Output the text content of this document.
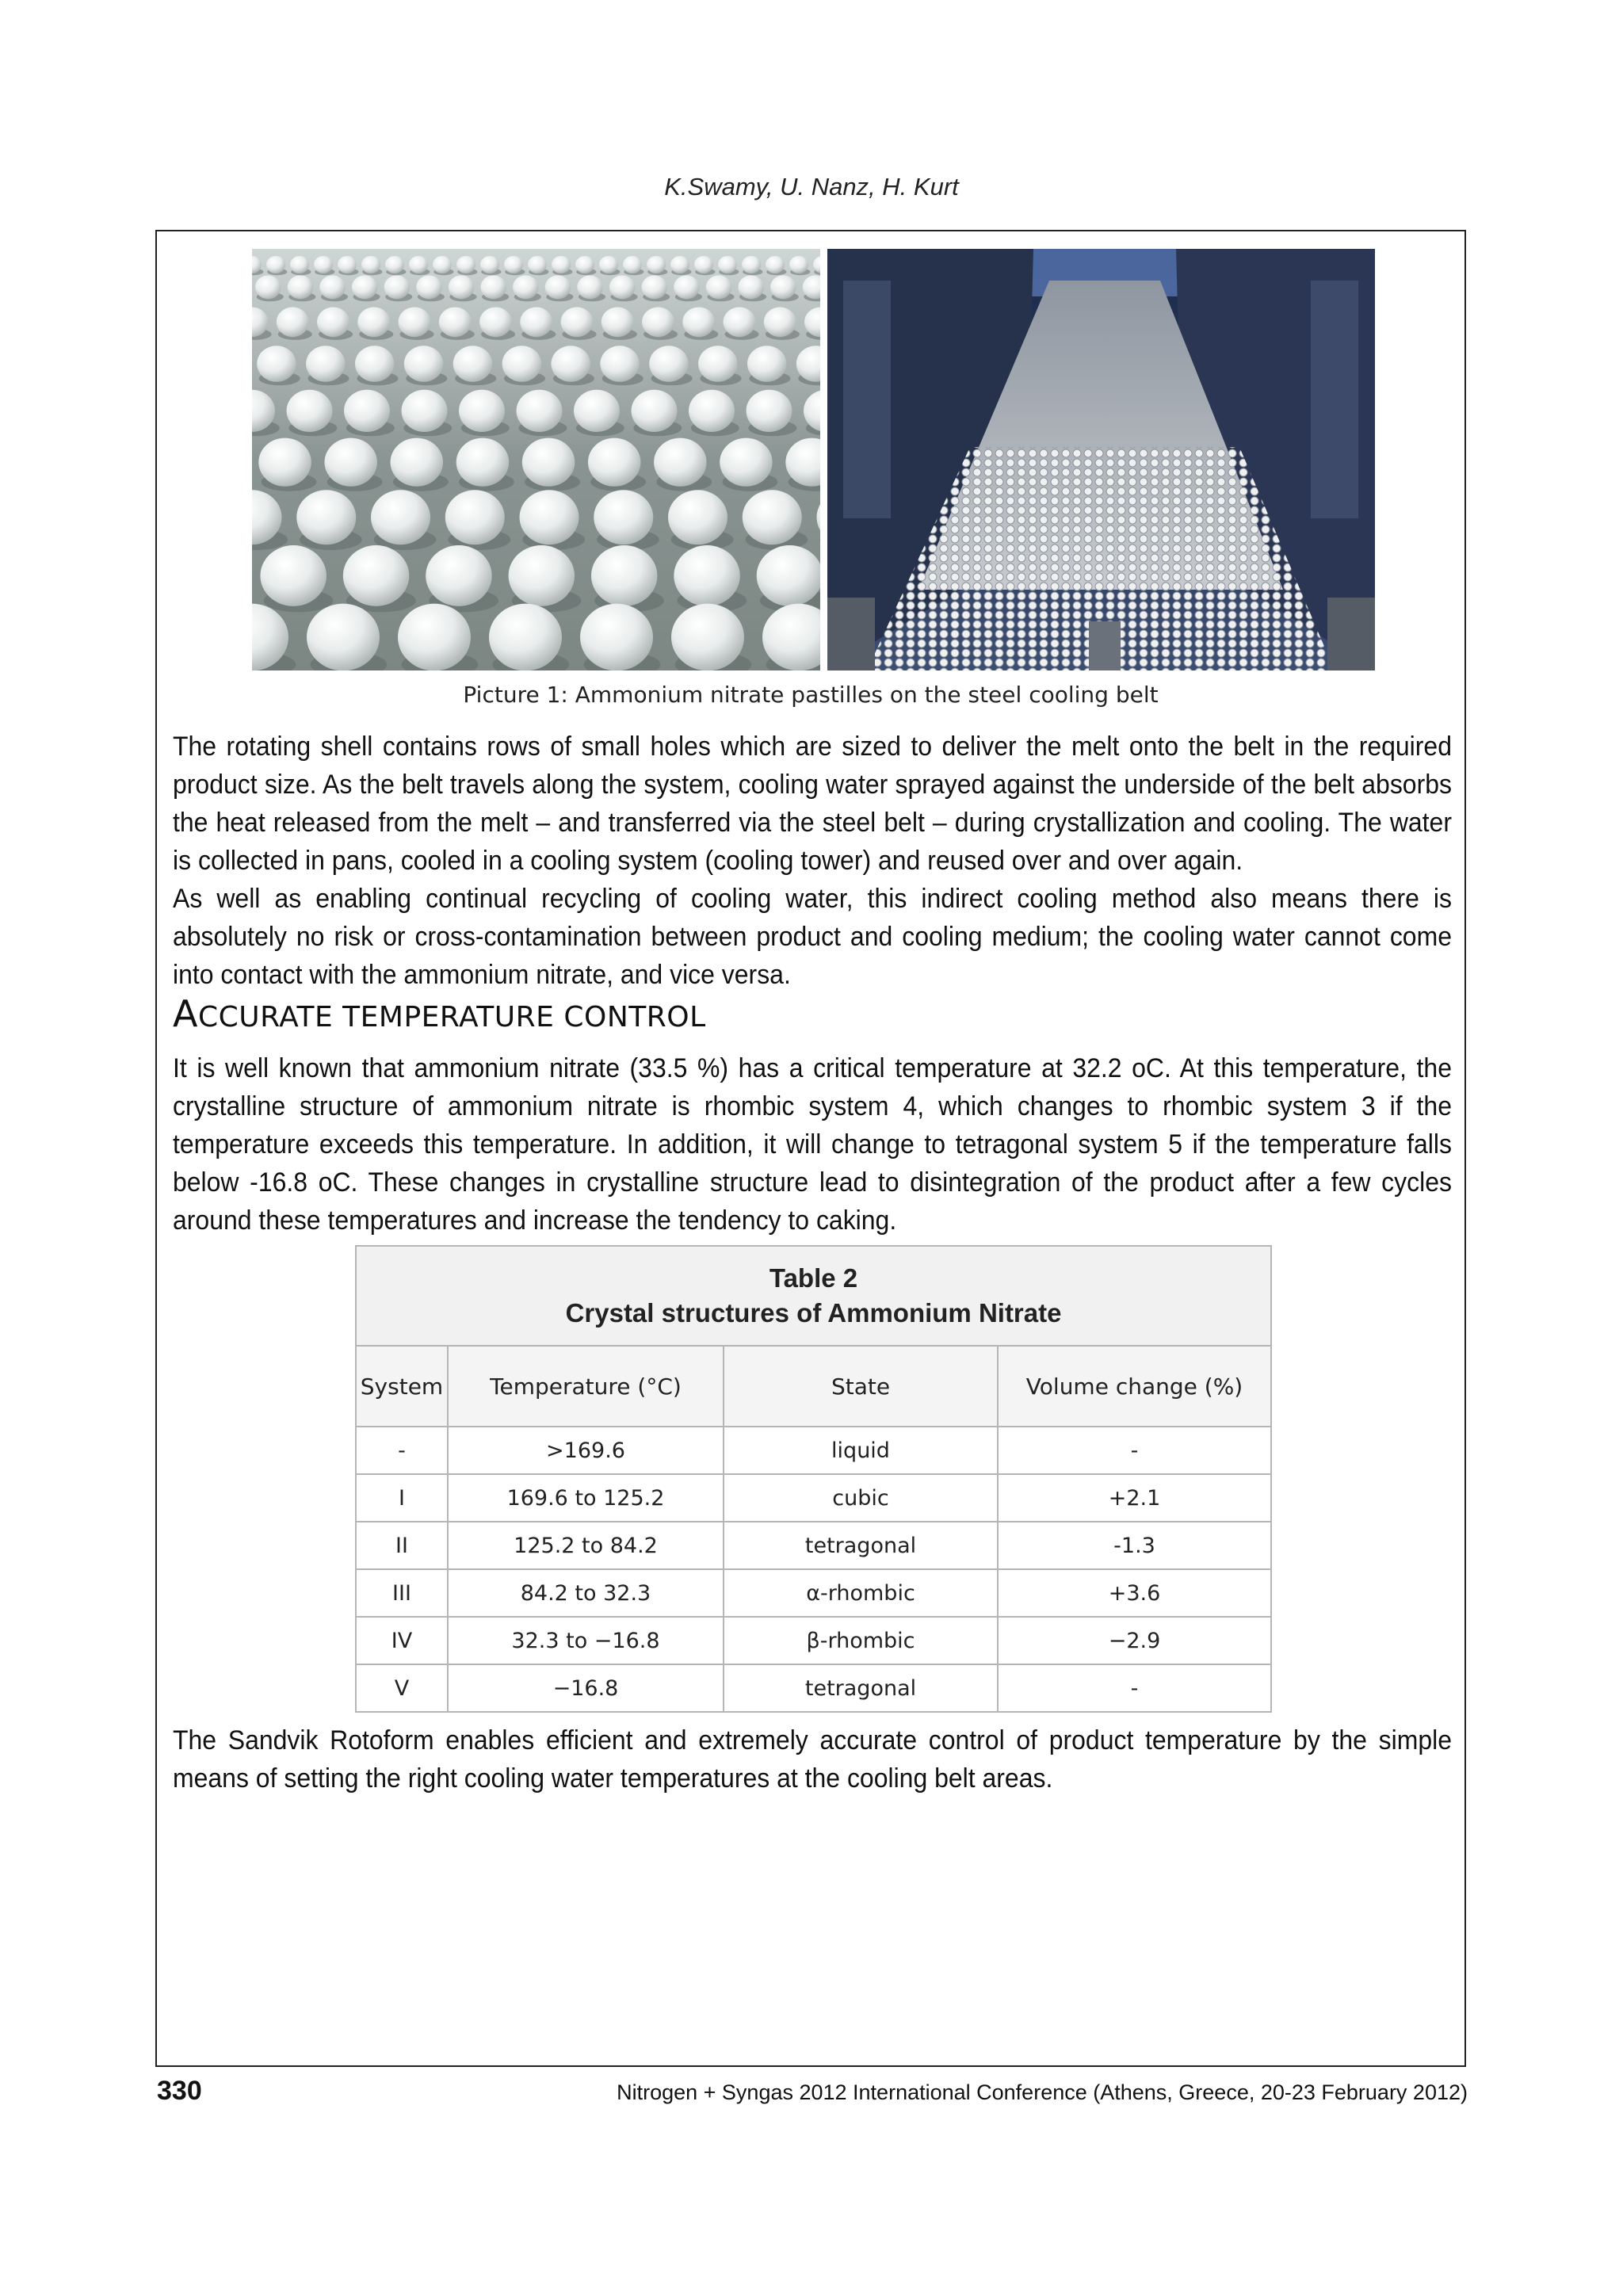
K.Swamy, U. Nanz, H. Kurt
Picture 1: Ammonium nitrate pastilles on the steel cooling belt
The rotating shell contains rows of small holes which are sized to deliver the melt onto the belt in the required product size. As the belt travels along the system, cooling water sprayed against the underside of the belt absorbs the heat released from the melt – and transferred via the steel belt – during crystallization and cooling. The water is collected in pans, cooled in a cooling system (cooling tower) and reused over and over again.
As well as enabling continual recycling of cooling water, this indirect cooling method also means there is absolutely no risk or cross-contamination between product and cooling medium; the cooling water cannot come into contact with the ammonium nitrate, and vice versa.
ACCURATE TEMPERATURE CONTROL
It is well known that ammonium nitrate (33.5 %) has a critical temperature at 32.2 oC. At this temperature, the crystalline structure of ammonium nitrate is rhombic system 4, which changes to rhombic system 3 if the temperature exceeds this temperature. In addition, it will change to tetragonal system 5 if the temperature falls below -16.8 oC. These changes in crystalline structure lead to disintegration of the product after a few cycles around these temperatures and increase the tendency to caking.
Table 2
Crystal structures of Ammonium Nitrate			

System	Temperature (°C)	State	Volume change (%)
-	>169.6	liquid	-
I	169.6 to 125.2	cubic	+2.1
II	125.2 to 84.2	tetragonal	-1.3
III	84.2 to 32.3	α-rhombic	+3.6
IV	32.3 to −16.8	β-rhombic	−2.9
V	−16.8	tetragonal	-
The Sandvik Rotoform enables efficient and extremely accurate control of product temperature by the simple means of setting the right cooling water temperatures at the cooling belt areas.
330	Nitrogen + Syngas 2012 International Conference (Athens, Greece, 20-23 February 2012)
